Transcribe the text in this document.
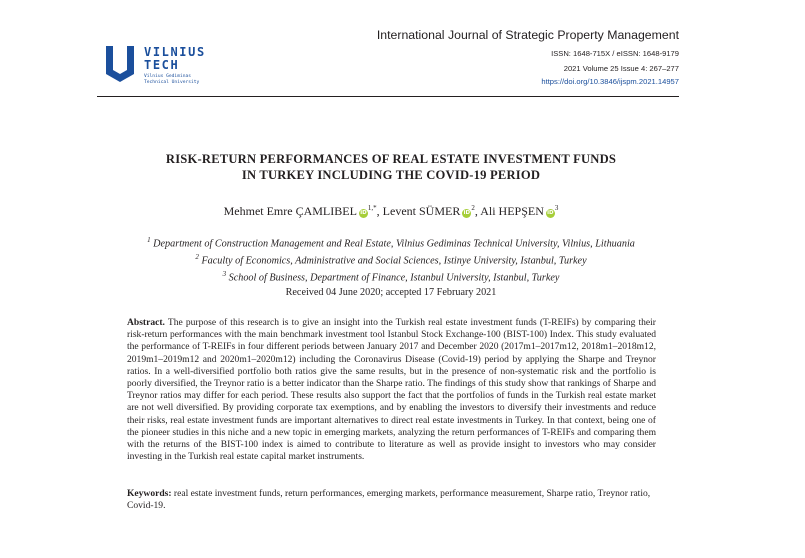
VILNIUS
TECH
Vilnius Gediminas
Technical University
International Journal of Strategic Property Management
ISSN: 1648-715X / eISSN: 1648-9179
2021 Volume 25 Issue 4: 267–277
https://doi.org/10.3846/ijspm.2021.14957
RISK-RETURN PERFORMANCES OF REAL ESTATE INVESTMENT FUNDS
IN TURKEY INCLUDING THE COVID-19 PERIOD
Mehmet Emre ÇAMLIBEL $iD^{1,*}$, Levent SÜMER $iD^2$, Ali HEPŞEN $iD^3$
$^1$ Department of Construction Management and Real Estate, Vilnius Gediminas Technical University, Vilnius, Lithuania
$^2$ Faculty of Economics, Administrative and Social Sciences, Istinye University, Istanbul, Turkey
$^3$ School of Business, Department of Finance, Istanbul University, Istanbul, Turkey
Received 04 June 2020; accepted 17 February 2021
Abstract. The purpose of this research is to give an insight into the Turkish real estate investment funds (T-REIFs) by comparing their risk-return performances with the main benchmark investment tool Istanbul Stock Exchange-100 (BIST-100) Index. This study evaluated the performance of T-REIFs in four different periods between January 2017 and December 2020 (2017m1–2017m12, 2018m1–2018m12, 2019m1–2019m12 and 2020m1–2020m12) including the Coronavirus Disease (Covid-19) period by applying the Sharpe and Treynor ratios. In a well-diversified portfolio both ratios give the same results, but in the presence of non-systematic risk and the portfolio is poorly diversified, the Treynor ratio is a better indicator than the Sharpe ratio. The findings of this study show that rankings of Sharpe and Treynor ratios may differ for each period. These results also support the fact that the portfolios of funds in the Turkish real estate market are not well diversified. By providing corporate tax exemptions, and by enabling the investors to diversify their investments and reduce their risks, real estate investment funds are important alternatives to direct real estate investments in Turkey. In that context, being one of the pioneer studies in this niche and a new topic in emerging markets, analyzing the return performances of T-REIFs and comparing them with the returns of the BIST-100 index is aimed to contribute to literature as well as provide insight to investors who may consider investing in the Turkish real estate capital market instruments.
Keywords: real estate investment funds, return performances, emerging markets, performance measurement, Sharpe ratio, Treynor ratio, Covid-19.
